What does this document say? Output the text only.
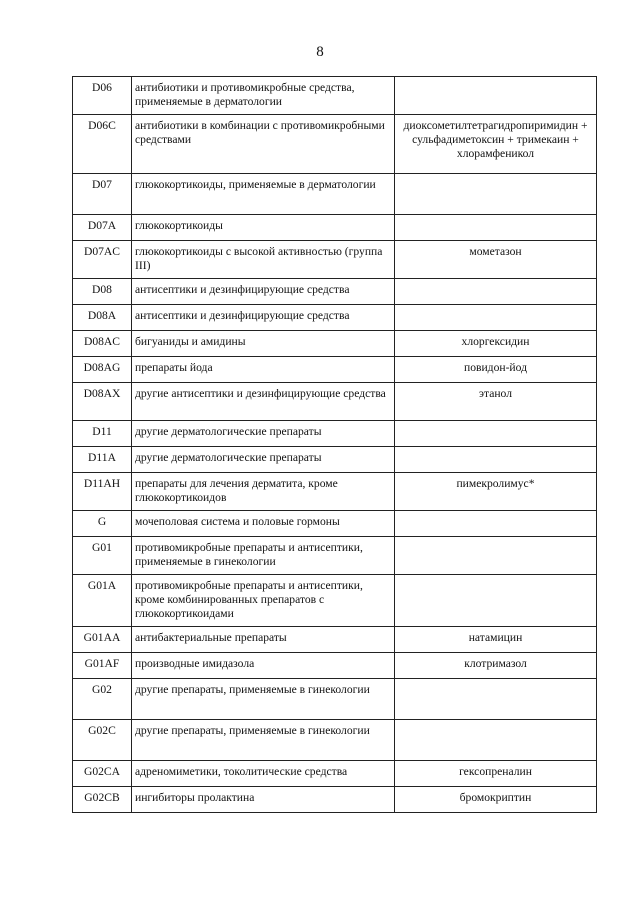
8
D06	антибиотики и противомикробные средства, применяемые в дерматологии	
D06C	антибиотики в комбинации с противомикробными средствами	диоксометилтетрагидропиримидин + сульфадиметоксин + тримекаин + хлорамфеникол
D07	глюкокортикоиды, применяемые в дерматологии	
D07A	глюкокортикоиды	
D07AC	глюкокортикоиды с высокой активностью (группа III)	мометазон
D08	антисептики и дезинфицирующие средства	
D08A	антисептики и дезинфицирующие средства	
D08AC	бигуаниды и амидины	хлоргексидин
D08AG	препараты йода	повидон-йод
D08AX	другие антисептики и дезинфицирующие средства	этанол
D11	другие дерматологические препараты	
D11A	другие дерматологические препараты	
D11AH	препараты для лечения дерматита, кроме глюкокортикоидов	пимекролимус*
G	мочеполовая система и половые гормоны	
G01	противомикробные препараты и антисептики, применяемые в гинекологии	
G01A	противомикробные препараты и антисептики, кроме комбинированных препаратов с глюкокортикоидами	
G01AA	антибактериальные препараты	натамицин
G01AF	производные имидазола	клотримазол
G02	другие препараты, применяемые в гинекологии	
G02C	другие препараты, применяемые в гинекологии	
G02CA	адреномиметики, токолитические средства	гексопреналин
G02CB	ингибиторы пролактина	бромокриптин
